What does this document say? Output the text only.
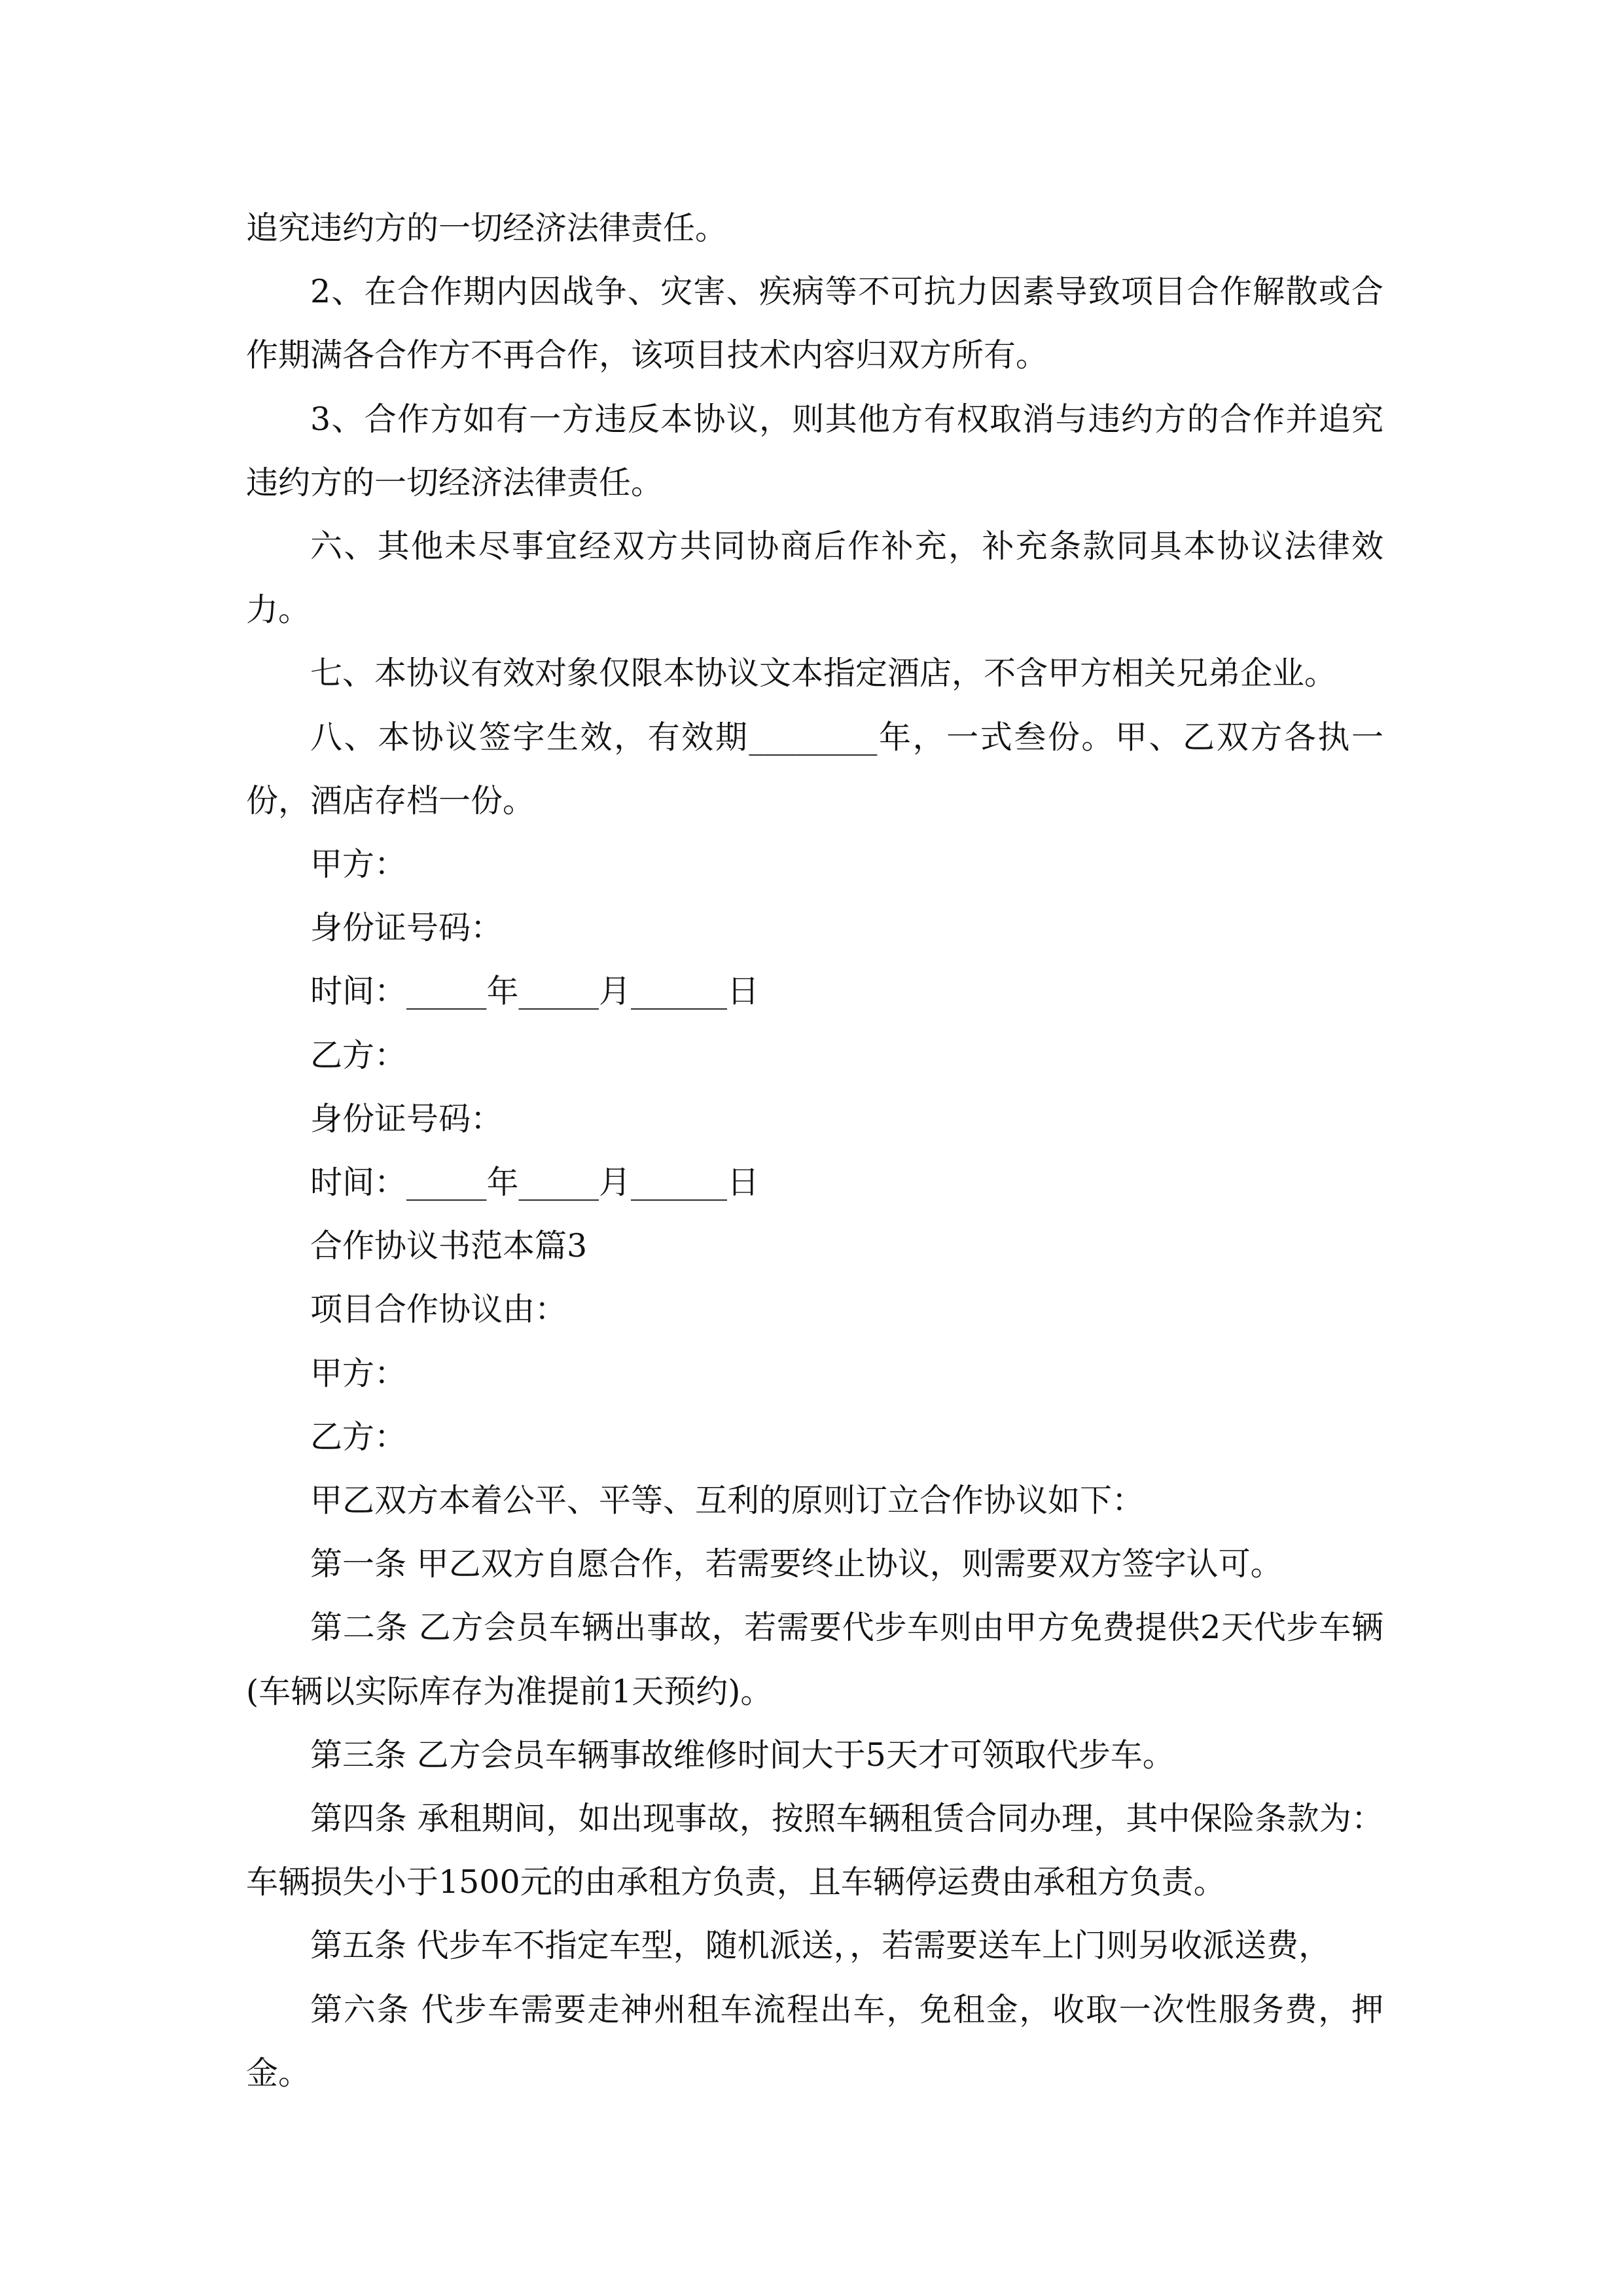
追究违约方的一切经济法律责任。

2、在合作期内因战争、灾害、疾病等不可抗力因素导致项目合作解散或合作期满各合作方不再合作，该项目技术内容归双方所有。

3、合作方如有一方违反本协议，则其他方有权取消与违约方的合作并追究违约方的一切经济法律责任。

六、其他未尽事宜经双方共同协商后作补充，补充条款同具本协议法律效力。

七、本协议有效对象仅限本协议文本指定酒店，不含甲方相关兄弟企业。

八、本协议签字生效，有效期________年，一式叁份。甲、乙双方各执一份，酒店存档一份。

甲方：

身份证号码：

时间：_____年_____月______日

乙方：

身份证号码：

时间：_____年_____月______日

合作协议书范本篇3

项目合作协议由：

甲方：

乙方：

甲乙双方本着公平、平等、互利的原则订立合作协议如下：

第一条 甲乙双方自愿合作，若需要终止协议，则需要双方签字认可。

第二条 乙方会员车辆出事故，若需要代步车则由甲方免费提供2天代步车辆(车辆以实际库存为准提前1天预约)。

第三条 乙方会员车辆事故维修时间大于5天才可领取代步车。

第四条 承租期间，如出现事故，按照车辆租赁合同办理，其中保险条款为：车辆损失小于1500元的由承租方负责，且车辆停运费由承租方负责。

第五条 代步车不指定车型，随机派送，，若需要送车上门则另收派送费，

第六条 代步车需要走神州租车流程出车，免租金，收取一次性服务费，押金。
